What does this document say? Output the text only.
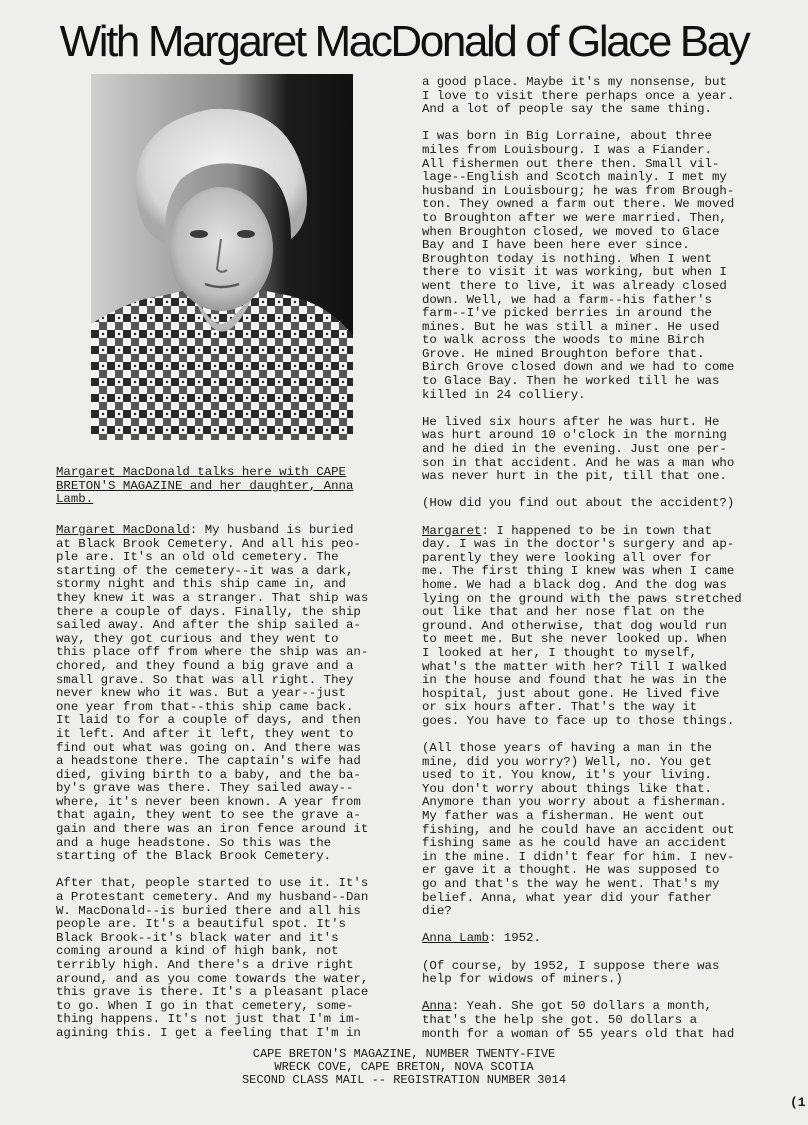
With Margaret MacDonald of Glace Bay
Margaret MacDonald talks here with CAPE
BRETON'S MAGAZINE and her daughter, Anna
Lamb.
Margaret MacDonald: My husband is buried
at Black Brook Cemetery. And all his peo-
ple are. It's an old old cemetery. The
starting of the cemetery--it was a dark,
stormy night and this ship came in, and
they knew it was a stranger. That ship was
there a couple of days. Finally, the ship
sailed away. And after the ship sailed a-
way, they got curious and they went to
this place off from where the ship was an-
chored, and they found a big grave and a
small grave. So that was all right. They
never knew who it was. But a year--just
one year from that--this ship came back.
It laid to for a couple of days, and then
it left. And after it left, they went to
find out what was going on. And there was
a headstone there. The captain's wife had
died, giving birth to a baby, and the ba-
by's grave was there. They sailed away--
where, it's never been known. A year from
that again, they went to see the grave a-
gain and there was an iron fence around it
and a huge headstone. So this was the
starting of the Black Brook Cemetery.
After that, people started to use it. It's
a Protestant cemetery. And my husband--Dan
W. MacDonald--is buried there and all his
people are. It's a beautiful spot. It's
Black Brook--it's black water and it's
coming around a kind of high bank, not
terribly high. And there's a drive right
around, and as you come towards the water,
this grave is there. It's a pleasant place
to go. When I go in that cemetery, some-
thing happens. It's not just that I'm im-
agining this. I get a feeling that I'm in
a good place. Maybe it's my nonsense, but
I love to visit there perhaps once a year.
And a lot of people say the same thing.
I was born in Big Lorraine, about three
miles from Louisbourg. I was a Fiander.
All fishermen out there then. Small vil-
lage--English and Scotch mainly. I met my
husband in Louisbourg; he was from Brough-
ton. They owned a farm out there. We moved
to Broughton after we were married. Then,
when Broughton closed, we moved to Glace
Bay and I have been here ever since.
Broughton today is nothing. When I went
there to visit it was working, but when I
went there to live, it was already closed
down. Well, we had a farm--his father's
farm--I've picked berries in around the
mines. But he was still a miner. He used
to walk across the woods to mine Birch
Grove. He mined Broughton before that.
Birch Grove closed down and we had to come
to Glace Bay. Then he worked till he was
killed in 24 colliery.
He lived six hours after he was hurt. He
was hurt around 10 o'clock in the morning
and he died in the evening. Just one per-
son in that accident. And he was a man who
was never hurt in the pit, till that one.
(How did you find out about the accident?)
Margaret: I happened to be in town that
day. I was in the doctor's surgery and ap-
parently they were looking all over for
me. The first thing I knew was when I came
home. We had a black dog. And the dog was
lying on the ground with the paws stretched
out like that and her nose flat on the
ground. And otherwise, that dog would run
to meet me. But she never looked up. When
I looked at her, I thought to myself,
what's the matter with her? Till I walked
in the house and found that he was in the
hospital, just about gone. He lived five
or six hours after. That's the way it
goes. You have to face up to those things.
(All those years of having a man in the
mine, did you worry?) Well, no. You get
used to it. You know, it's your living.
You don't worry about things like that.
Anymore than you worry about a fisherman.
My father was a fisherman. He went out
fishing, and he could have an accident out
fishing same as he could have an accident
in the mine. I didn't fear for him. I nev-
er gave it a thought. He was supposed to
go and that's the way he went. That's my
belief. Anna, what year did your father
die?
Anna Lamb: 1952.
(Of course, by 1952, I suppose there was
help for widows of miners.)
Anna: Yeah. She got 50 dollars a month,
that's the help she got. 50 dollars a
month for a woman of 55 years old that had
CAPE BRETON'S MAGAZINE, NUMBER TWENTY-FIVE
WRECK COVE, CAPE BRETON, NOVA SCOTIA
SECOND CLASS MAIL -- REGISTRATION NUMBER 3014
(1
